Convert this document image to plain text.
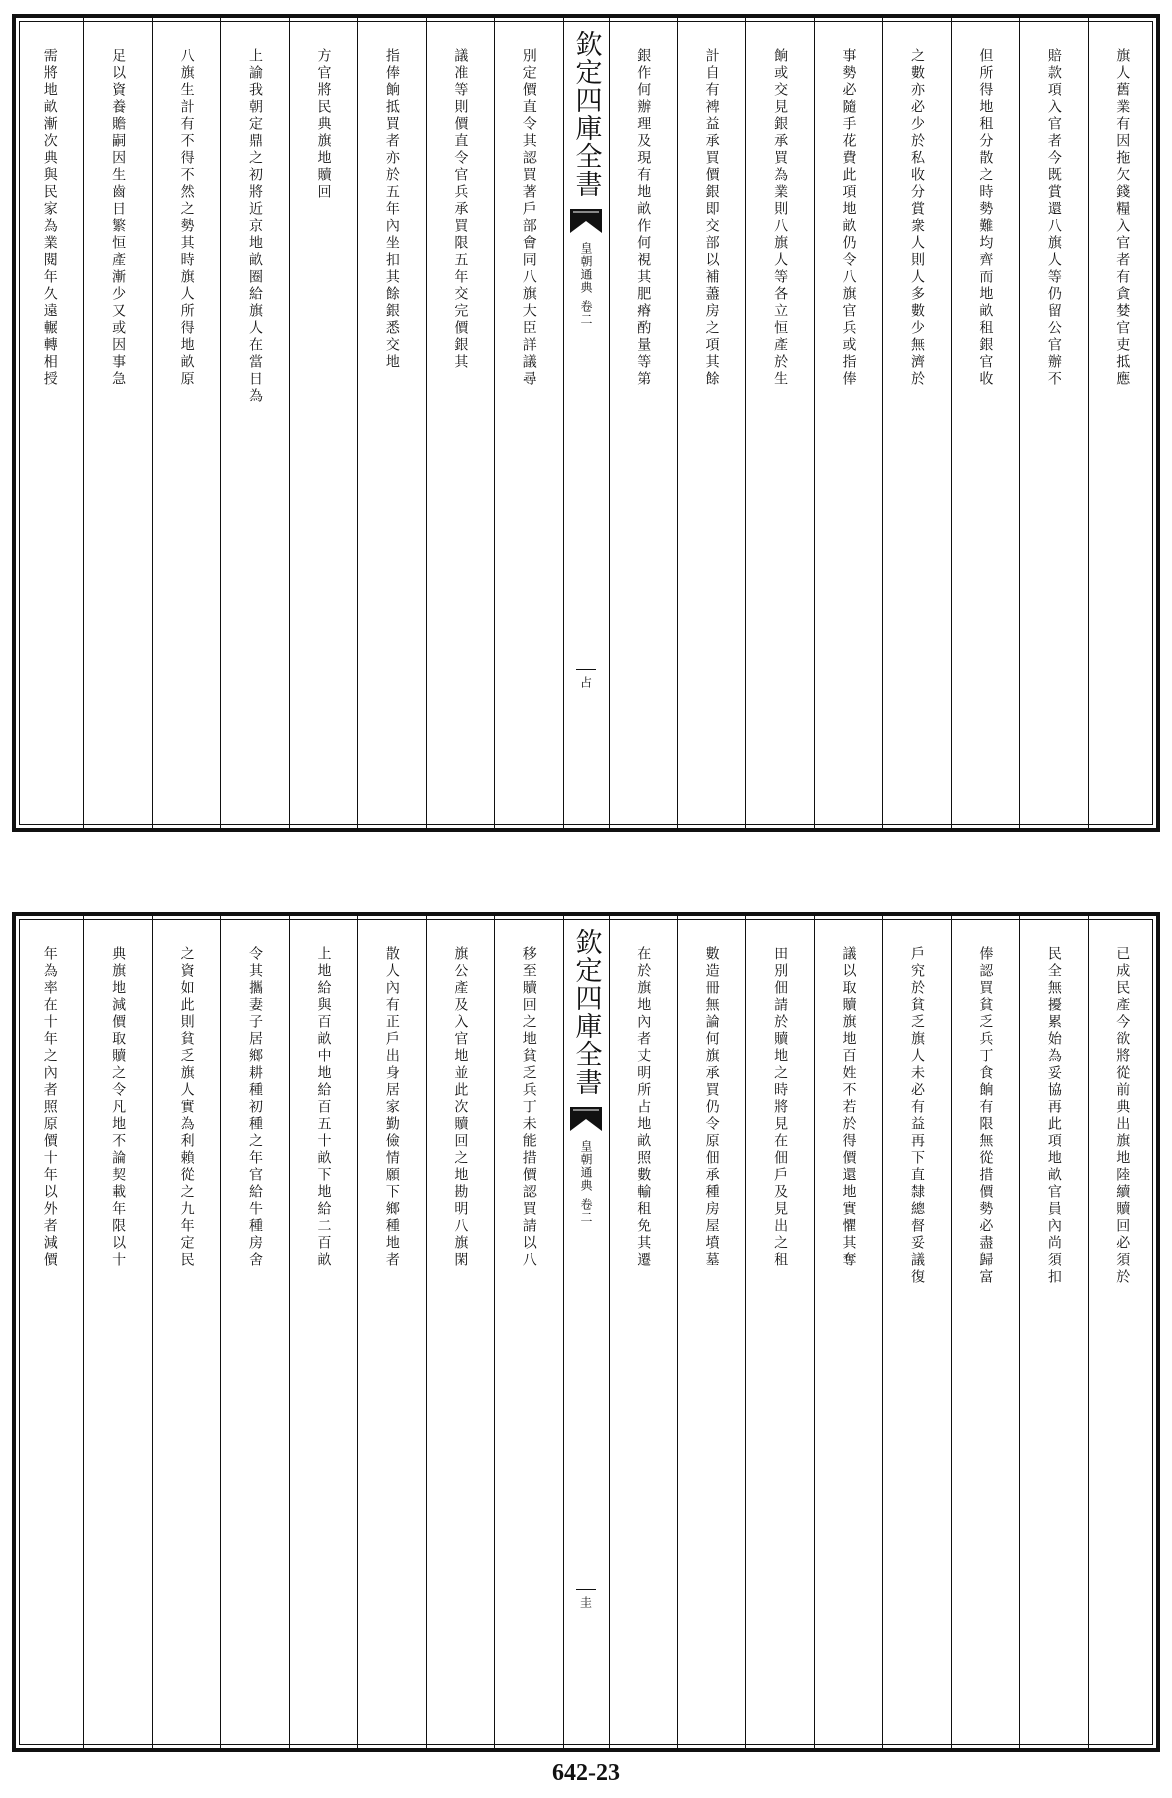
需將地畝漸次典與民家為業閱年久遠輾轉相授	足以資養贍嗣因生齒日繁恒產漸少又或因事急	八旗生計有不得不然之勢其時旗人所得地畝原	上諭我朝定鼎之初將近京地畝圈給旗人在當日為	方官將民典旗地贖回	指俸餉抵買者亦於五年內坐扣其餘銀悉交地	議准等則價直令官兵承買限五年交完價銀其	別定價直令其認買著戶部會同八旗大臣詳議尋 欽定四庫全書
皇朝通典
卷二
占
銀作何辦理及現有地畝作何視其肥瘠酌量等第	計自有裨益承買價銀即交部以補藎房之項其餘	餉或交見銀承買為業則八旗人等各立恒產於生	事勢必隨手花費此項地畝仍令八旗官兵或指俸	之數亦必少於私收分賞衆人則人多數少無濟於	但所得地租分散之時勢難均齊而地畝租銀官收	賠款項入官者今既賞還八旗人等仍留公官辦不	旗人舊業有因拖欠錢糧入官者有貪婪官吏抵應
年為率在十年之內者照原價十年以外者減價	典旗地減價取贖之令凡地不論契載年限以十	之資如此則貧乏旗人實為利賴從之九年定民	令其攜妻子居鄉耕種初種之年官給牛種房舍	上地給與百畝中地給百五十畝下地給二百畝	散人內有正戶出身居家勤儉情願下鄉種地者	旗公產及入官地並此次贖回之地勘明八旗閑	移至贖回之地貧乏兵丁未能措價認買請以八 欽定四庫全書
皇朝通典
卷二
圭
在於旗地內者丈明所占地畝照數輸租免其遷	數造冊無論何旗承買仍令原佃承種房屋墳墓	田別佃請於贖地之時將見在佃戶及見出之租	議以取贖旗地百姓不若於得價還地實懼其奪	戶究於貧乏旗人未必有益再下直隸總督妥議復	俸認買貧乏兵丁食餉有限無從措價勢必盡歸富	民全無擾累始為妥協再此項地畝官員內尚須扣	已成民產今欲將從前典出旗地陸續贖回必須於
642-23
